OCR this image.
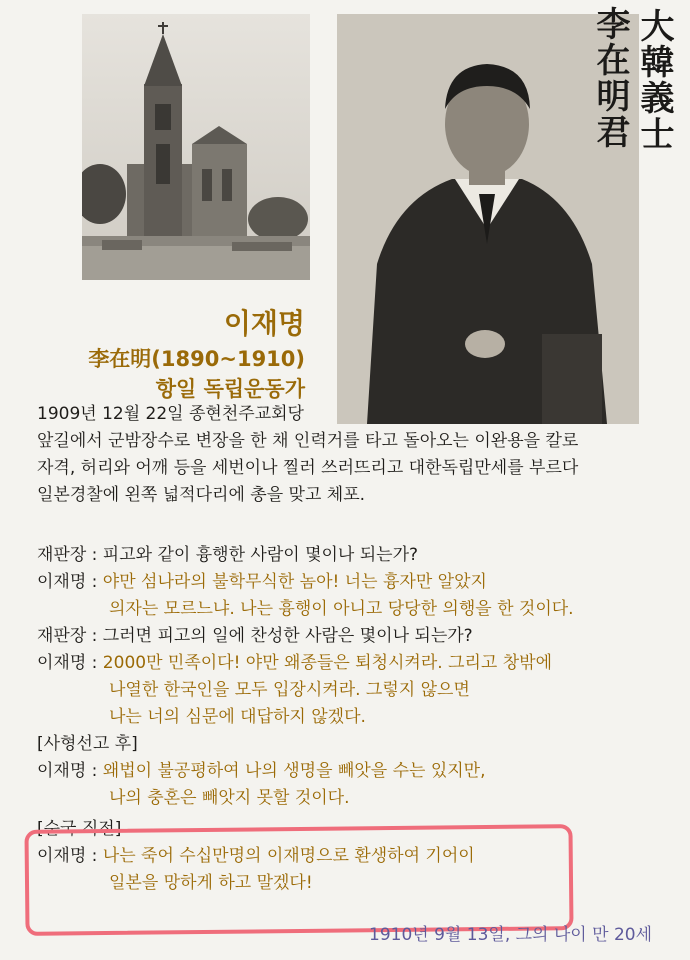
大韓義士
李在明君
이재명
李在明(1890~1910)
항일 독립운동가
1909년 12월 22일 종현천주교회당
앞길에서 군밤장수로 변장을 한 채 인력거를 타고 돌아오는 이완용을 칼로
자격, 허리와 어깨 등을 세번이나 찔러 쓰러뜨리고 대한독립만세를 부르다
일본경찰에 왼쪽 넓적다리에 총을 맞고 체포.
재판장 : 피고와 같이 흉행한 사람이 몇이나 되는가?
이재명 : 야만 섬나라의 불학무식한 놈아! 너는 흉자만 알았지
의자는 모르느냐. 나는 흉행이 아니고 당당한 의행을 한 것이다.
재판장 : 그러면 피고의 일에 찬성한 사람은 몇이나 되는가?
이재명 : 2000만 민족이다! 야만 왜종들은 퇴청시켜라. 그리고 창밖에
나열한 한국인을 모두 입장시켜라. 그렇지 않으면
나는 너의 심문에 대답하지 않겠다.
[사형선고 후]
이재명 : 왜법이 불공평하여 나의 생명을 빼앗을 수는 있지만,
나의 충혼은 빼앗지 못할 것이다.
[순국 직전]
이재명 : 나는 죽어 수십만명의 이재명으로 환생하여 기어이
일본을 망하게 하고 말겠다!
1910년 9월 13일, 그의 나이 만 20세
